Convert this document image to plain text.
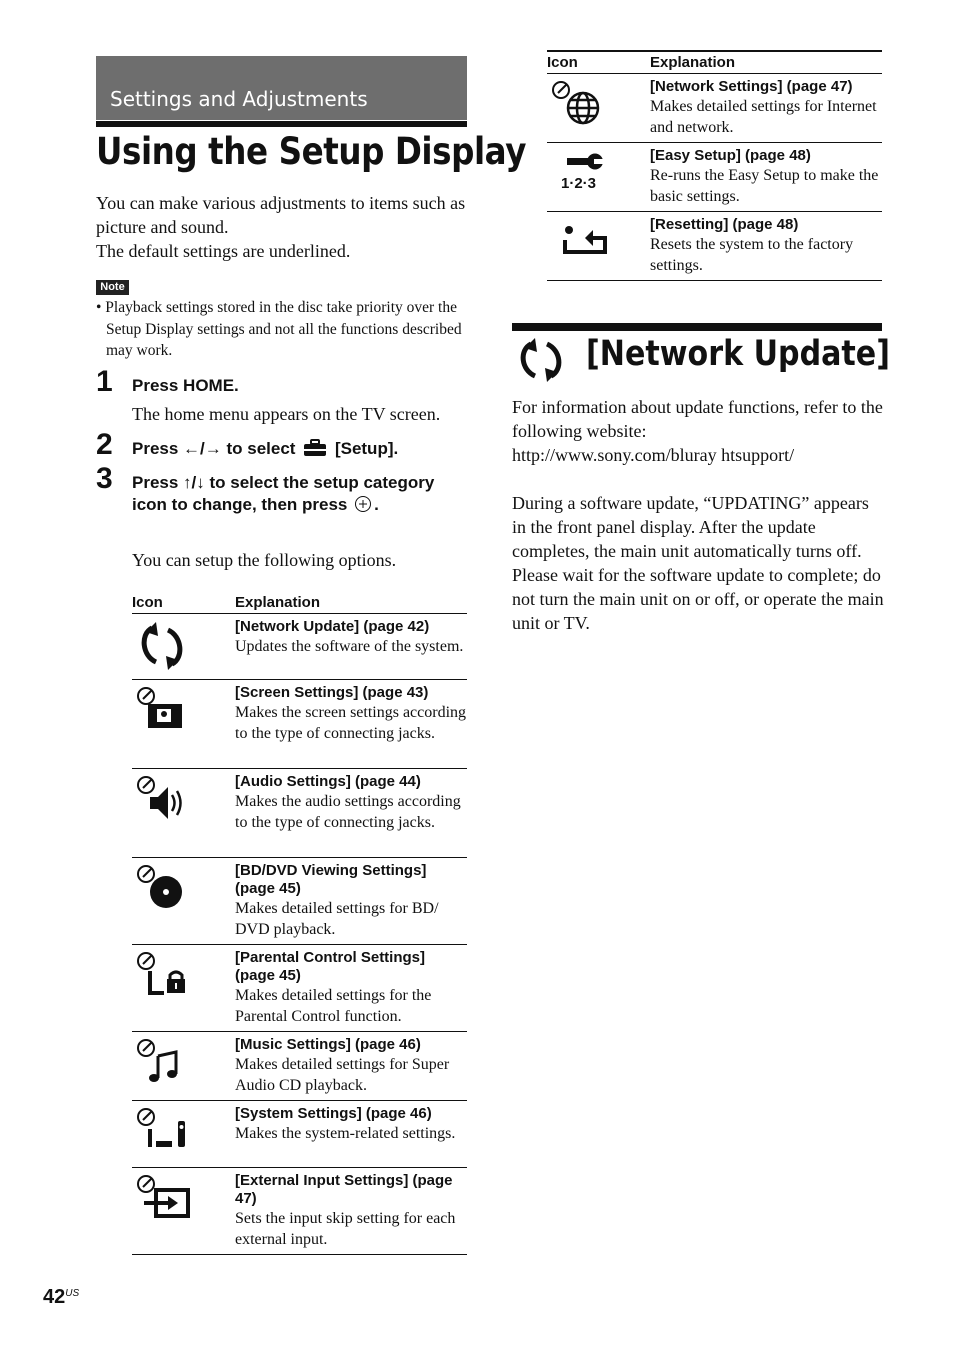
Settings and Adjustments
Using the Setup Display
You can make various adjustments to items such as picture and sound.
The default settings are underlined.
Note
• Playback settings stored in the disc take priority over the Setup Display settings and not all the functions described may work.
1 Press HOME.
The home menu appears on the TV screen.
2 Press ←/→ to select [Setup].
3 Press ↑/↓ to select the setup category icon to change, then press .
You can setup the following options.
Icon	Explanation

[Network Update] (page 42)
Updates the software of the system.

[Screen Settings] (page 43)
Makes the screen settings according to the type of connecting jacks.

[Audio Settings] (page 44)
Makes the audio settings according to the type of connecting jacks.

[BD/DVD Viewing Settings] (page 45)
Makes detailed settings for BD/ DVD playback.

[Parental Control Settings] (page 45)
Makes detailed settings for the Parental Control function.

[Music Settings] (page 46)
Makes detailed settings for Super Audio CD playback.

[System Settings] (page 46)
Makes the system-related settings.

[External Input Settings] (page 47)
Sets the input skip setting for each external input.
Icon	Explanation

[Network Settings] (page 47)
Makes detailed settings for Internet and network.

1·2·3	[Easy Setup] (page 48)
Re-runs the Easy Setup to make the basic settings.

[Resetting] (page 48)
Resets the system to the factory settings.
[Network Update]
For information about update functions, refer to the following website:
http://www.sony.com/bluray htsupport/
During a software update, “UPDATING” appears in the front panel display. After the update completes, the main unit automatically turns off. Please wait for the software update to complete; do not turn the main unit on or off, or operate the main unit or TV.
$42^{US}$
